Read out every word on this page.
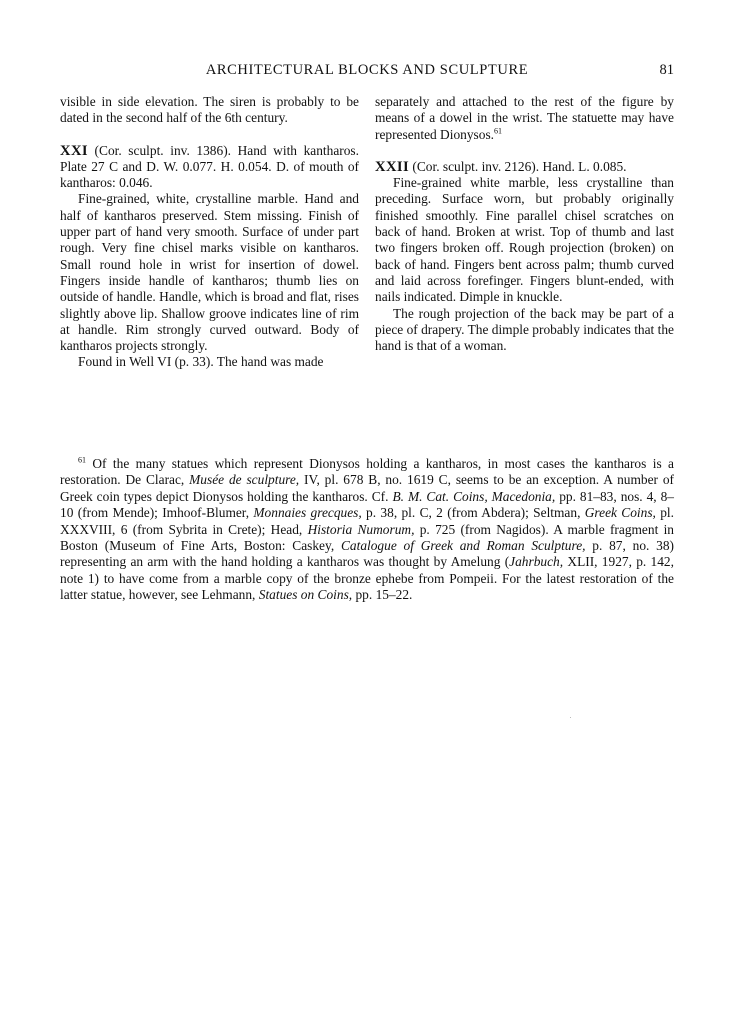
ARCHITECTURAL BLOCKS AND SCULPTURE	81

visible in side elevation. The siren is probably to be dated in the second half of the 6th century.

XXI (Cor. sculpt. inv. 1386). Hand with kantharos. Plate 27 C and D. W. 0.077. H. 0.054. D. of mouth of kantharos: 0.046.

Fine-grained, white, crystalline marble. Hand and half of kantharos preserved. Stem missing. Finish of upper part of hand very smooth. Surface of under part rough. Very fine chisel marks visible on kantharos. Small round hole in wrist for insertion of dowel. Fingers inside handle of kantharos; thumb lies on outside of handle. Handle, which is broad and flat, rises slightly above lip. Shallow groove indicates line of rim at handle. Rim strongly curved outward. Body of kantharos projects strongly.

Found in Well VI (p. 33). The hand was made

separately and attached to the rest of the figure by means of a dowel in the wrist. The statuette may have represented Dionysos.$^{61}$

XXII (Cor. sculpt. inv. 2126). Hand. L. 0.085.

Fine-grained white marble, less crystalline than preceding. Surface worn, but probably originally finished smoothly. Fine parallel chisel scratches on back of hand. Broken at wrist. Top of thumb and last two fingers broken off. Rough projection (broken) on back of hand. Fingers bent across palm; thumb curved and laid across forefinger. Fingers blunt-ended, with nails indicated. Dimple in knuckle.

The rough projection of the back may be part of a piece of drapery. The dimple probably indicates that the hand is that of a woman.

$^{61}$ Of the many statues which represent Dionysos holding a kantharos, in most cases the kantharos is a restoration. De Clarac, Musée de sculpture, IV, pl. 678 B, no. 1619 C, seems to be an exception. A number of Greek coin types depict Dionysos holding the kantharos. Cf. B. M. Cat. Coins, Macedonia, pp. 81–83, nos. 4, 8–10 (from Mende); Imhoof-Blumer, Monnaies grecques, p. 38, pl. C, 2 (from Abdera); Seltman, Greek Coins, pl. XXXVIII, 6 (from Sybrita in Crete); Head, Historia Numorum, p. 725 (from Nagidos). A marble fragment in Boston (Museum of Fine Arts, Boston: Caskey, Catalogue of Greek and Roman Sculpture, p. 87, no. 38) representing an arm with the hand holding a kantharos was thought by Amelung (Jahrbuch, XLII, 1927, p. 142, note 1) to have come from a marble copy of the bronze ephebe from Pompeii. For the latest restoration of the latter statue, however, see Lehmann, Statues on Coins, pp. 15–22.
